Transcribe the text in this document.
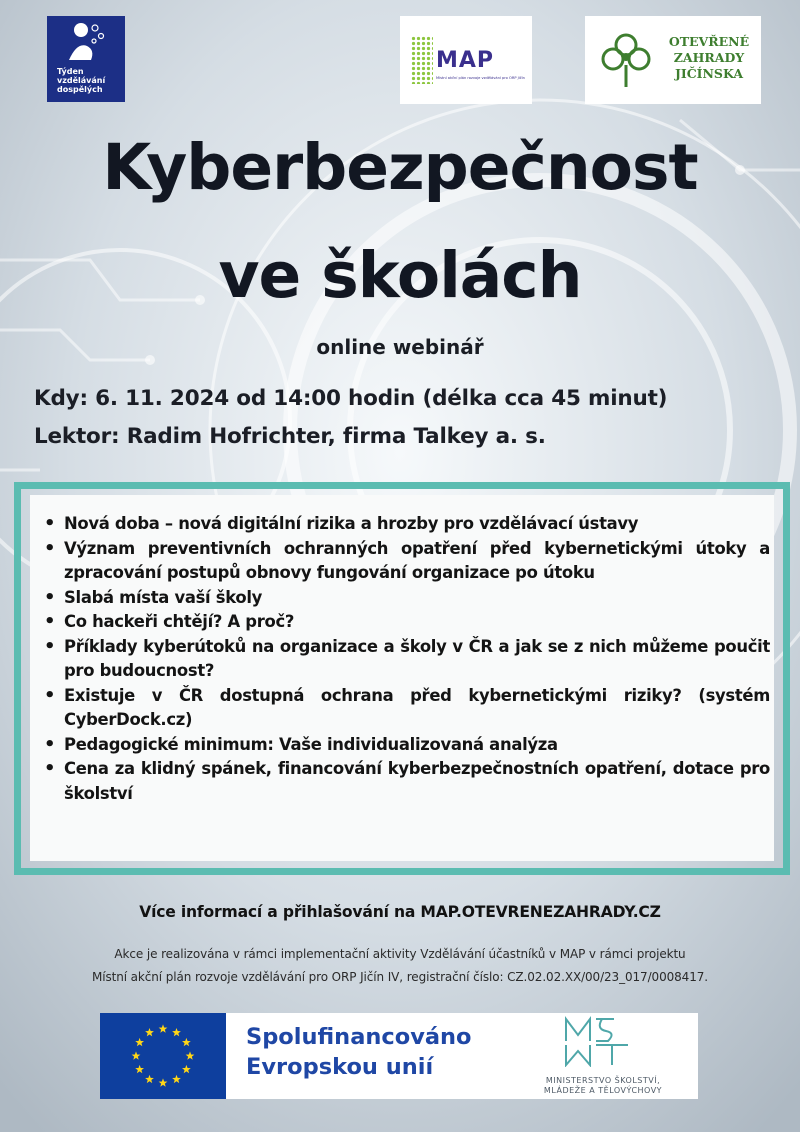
Týden
vzdělávání
dospělých
MAP
Místní akční plán rozvoje vzdělávání pro ORP Jičín
OTEVŘENÉ
ZAHRADY
JIČÍNSKA
Kyberbezpečnost
ve školách
online webinář
Kdy: 6. 11. 2024 od 14:00 hodin (délka cca 45 minut)
Lektor: Radim Hofrichter, firma Talkey a. s.
• Nová doba – nová digitální rizika a hrozby pro vzdělávací ústavy
• Význam preventivních ochranných opatření před kybernetickými útoky a zpracování postupů obnovy fungování organizace po útoku
• Slabá místa vaší školy
• Co hackeři chtějí? A proč?
• Příklady kyberútoků na organizace a školy v ČR a jak se z nich můžeme poučit pro budoucnost?
• Existuje v ČR dostupná ochrana před kybernetickými riziky? (systém CyberDock.cz)
• Pedagogické minimum: Vaše individualizovaná analýza
• Cena za klidný spánek, financování kyberbezpečnostních opatření, dotace pro školství
Více informací a přihlašování na MAP.OTEVRENEZAHRADY.CZ
Akce je realizována v rámci implementační aktivity Vzdělávání účastníků v MAP v rámci projektu
Místní akční plán rozvoje vzdělávání pro ORP Jičín IV, registrační číslo: CZ.02.02.XX/00/23_017/0008417.
Spolufinancováno
Evropskou unií
MINISTERSTVO ŠKOLSTVÍ,
MLÁDEŽE A TĚLOVÝCHOVY
